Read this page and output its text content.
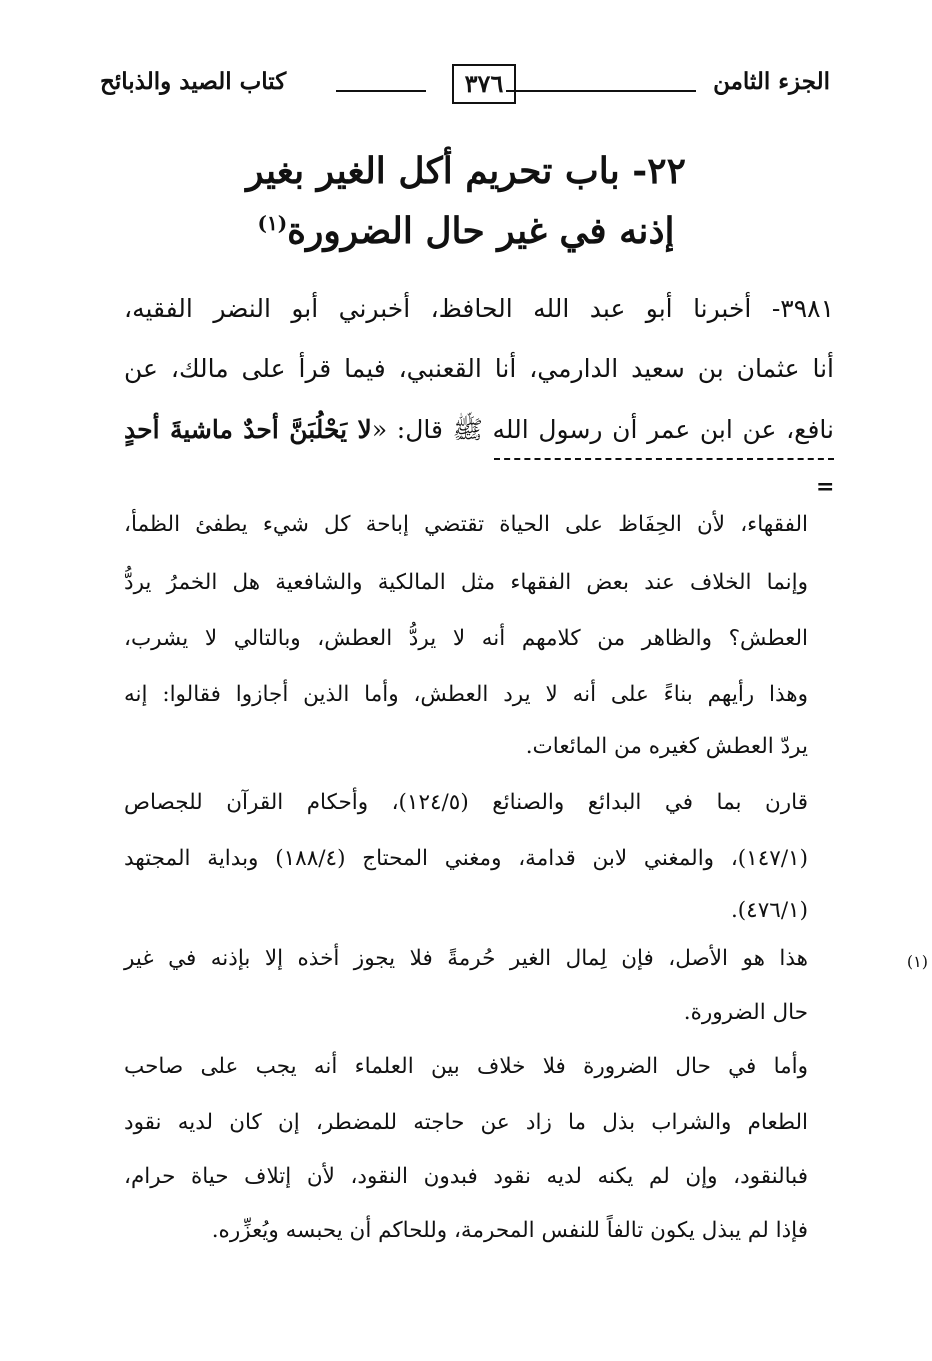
الجزء الثامن
٣٧٦
كتاب الصيد والذبائح
٢٢- باب تحريم أكل الغير بغير
إذنه في غير حال الضرورة$^{(١)}$
٣٩٨١- أخبرنا أبو عبد الله الحافظ، أخبرني أبو النضر الفقيه،
أنا عثمان بن سعيد الدارمي، أنا القعنبي، فيما قرأ على مالك، عن
نافع، عن ابن عمر أن رسول الله ﷺ قال: «لا يَحْلُبَنَّ أحدٌ ماشيةَ أحدٍ
=
الفقهاء، لأن الحِفَاظ على الحياة تقتضي إباحة كل شيء يطفئ الظمأ،
وإنما الخلاف عند بعض الفقهاء مثل المالكية والشافعية هل الخمرُ يردُّ
العطش؟ والظاهر من كلامهم أنه لا يردُّ العطش، وبالتالي لا يشرب،
وهذا رأيهم بناءً على أنه لا يرد العطش، وأما الذين أجازوا فقالوا: إنه
يردّ العطش كغيره من المائعات.
قارن بما في البدائع والصنائع (١٢٤/٥)، وأحكام القرآن للجصاص
(١٤٧/١)، والمغني لابن قدامة، ومغني المحتاج (١٨٨/٤) وبداية المجتهد
(٤٧٦/١).
(١)
هذا هو الأصل، فإن لِمال الغير حُرمةً فلا يجوز أخذه إلا بإذنه في غير
حال الضرورة.
وأما في حال الضرورة فلا خلاف بين العلماء أنه يجب على صاحب
الطعام والشراب بذل ما زاد عن حاجته للمضطر، إن كان لديه نقود
فبالنقود، وإن لم يكنه لديه نقود فبدون النقود، لأن إتلاف حياة حرام،
فإذا لم يبذل يكون تالفاً للنفس المحرمة، وللحاكم أن يحبسه ويُعزِّره.
